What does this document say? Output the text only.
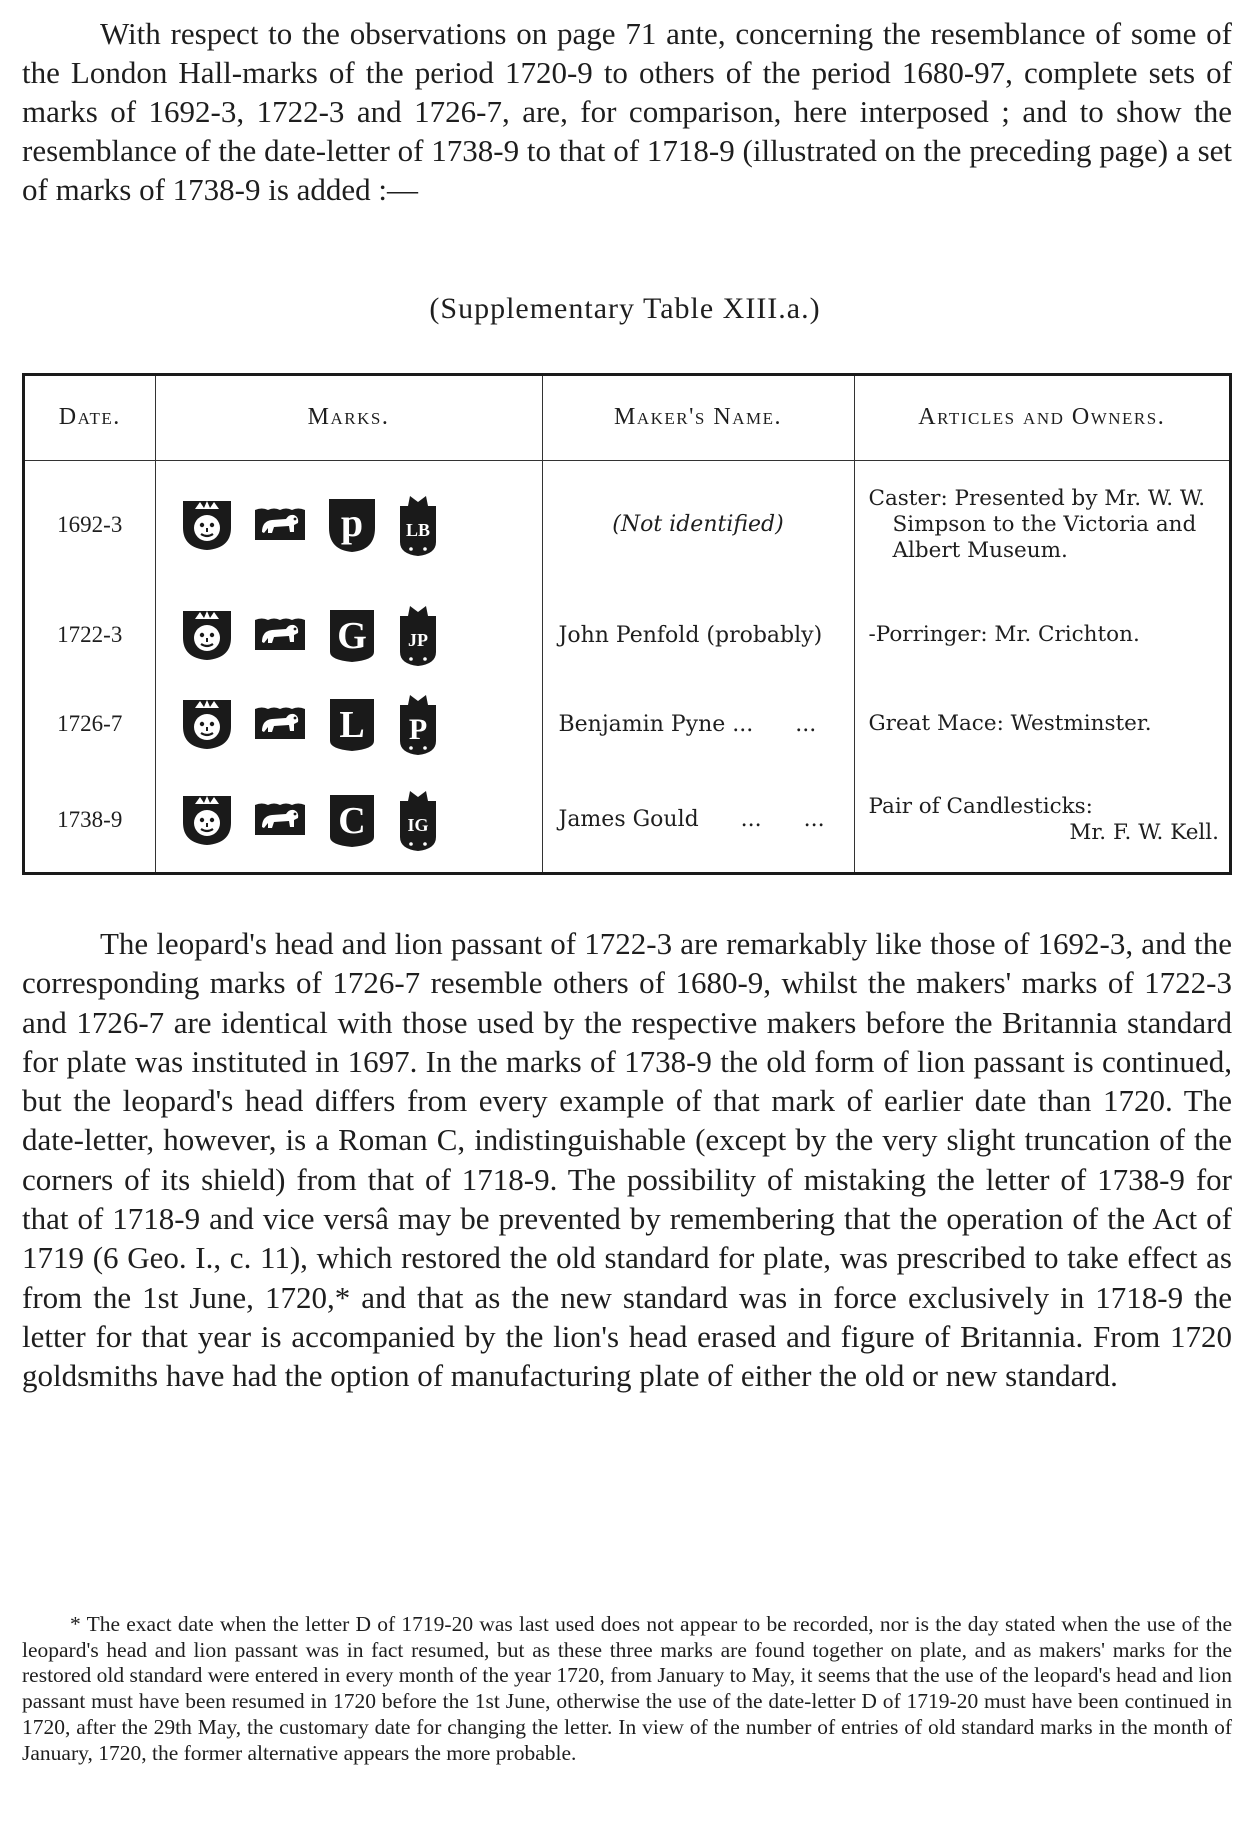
With respect to the observations on page 71 ante, concerning the resemblance of some of the London Hall-marks of the period 1720-9 to others of the period 1680-97, complete sets of marks of 1692-3, 1722-3 and 1726-7, are, for comparison, here interposed ; and to show the resemblance of the date-letter of 1738-9 to that of 1718-9 (illustrated on the preceding page) a set of marks of 1738-9 is added :—

(Supplementary Table XIII.a.)
Date.	Marks.	Maker's Name.	Articles and Owners.
1692-3	p LB	(Not identified)	Caster: Presented by Mr. W. W. Simpson to the Victoria and Albert Museum.

1722-3	G JP	John Penfold (probably)	-Porringer: Mr. Crichton.

1726-7	L P	Benjamin Pyne ...      ...	Great Mace: Westminster.

1738-9	C IG	James Gould      ...      ...	Pair of Candlesticks:
Mr. F. W. Kell.

The leopard's head and lion passant of 1722-3 are remarkably like those of 1692-3, and the corresponding marks of 1726-7 resemble others of 1680-9, whilst the makers' marks of 1722-3 and 1726-7 are identical with those used by the respective makers before the Britannia standard for plate was instituted in 1697. In the marks of 1738-9 the old form of lion passant is continued, but the leopard's head differs from every example of that mark of earlier date than 1720. The date-letter, however, is a Roman C, indistinguishable (except by the very slight truncation of the corners of its shield) from that of 1718-9. The possibility of mistaking the letter of 1738-9 for that of 1718-9 and vice versâ may be prevented by remembering that the operation of the Act of 1719 (6 Geo. I., c. 11), which restored the old standard for plate, was prescribed to take effect as from the 1st June, 1720,* and that as the new standard was in force exclusively in 1718-9 the letter for that year is accompanied by the lion's head erased and figure of Britannia. From 1720 goldsmiths have had the option of manufacturing plate of either the old or new standard.

* The exact date when the letter D of 1719-20 was last used does not appear to be recorded, nor is the day stated when the use of the leopard's head and lion passant was in fact resumed, but as these three marks are found together on plate, and as makers' marks for the restored old standard were entered in every month of the year 1720, from January to May, it seems that the use of the leopard's head and lion passant must have been resumed in 1720 before the 1st June, otherwise the use of the date-letter D of 1719-20 must have been continued in 1720, after the 29th May, the customary date for changing the letter. In view of the number of entries of old standard marks in the month of January, 1720, the former alternative appears the more probable.
